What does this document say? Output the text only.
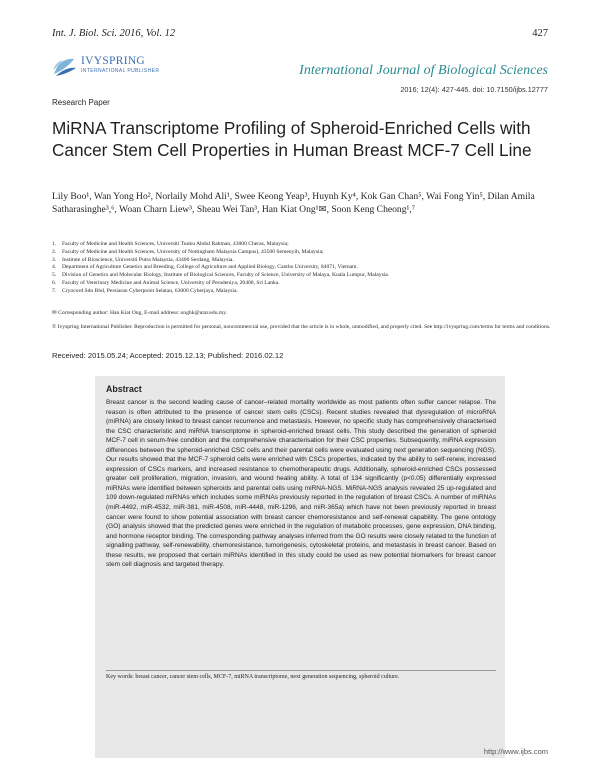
Int. J. Biol. Sci. 2016, Vol. 12	427
IVYSPRING
INTERNATIONAL PUBLISHER	International Journal of Biological Sciences
2016; 12(4): 427-445. doi: 10.7150/ijbs.12777
Research Paper
MiRNA Transcriptome Profiling of Spheroid-Enriched Cells with Cancer Stem Cell Properties in Human Breast MCF-7 Cell Line
Lily Boo¹, Wan Yong Ho², Norlaily Mohd Ali¹, Swee Keong Yeap³, Huynh Ky⁴, Kok Gan Chan⁵, Wai Fong Yin⁵, Dilan Amila Satharasinghe³,⁶, Woan Charn Liew³, Sheau Wei Tan³, Han Kiat Ong¹✉, Soon Keng Cheong¹,⁷
1.	Faculty of Medicine and Health Sciences, Universiti Tunku Abdul Rahman, 43000 Cheras, Malaysia;
2.	Faculty of Medicine and Health Sciences, University of Nottingham Malaysia Campus), 43500 Semenyih, Malaysia;
3.	Institute of Bioscience, Universiti Putra Malaysia, 43400 Serdang, Malaysia.
4.	Department of Agriculture Genetics and Breeding, College of Agriculture and Applied Biology, Cantho University, 84071, Vietnam.
5.	Division of Genetics and Molecular Biology, Institute of Biological Sciences, Faculty of Science, University of Malaya, Kuala Lumpur, Malaysia.
6.	Faculty of Veterinary Medicine and Animal Science, University of Peradeniya, 20400, Sri Lanka.
7.	Cryocord Sdn Bhd, Persiaran Cyberpoint Selatan, 63000 Cyberjaya, Malaysia.
✉ Corresponding author: Han Kiat Ong, E-mail address: onghk@utar.edu.my.
© Ivyspring International Publisher. Reproduction is permitted for personal, noncommercial use, provided that the article is in whole, unmodified, and properly cited. See http://ivyspring.com/terms for terms and conditions.
Received: 2015.05.24; Accepted: 2015.12.13; Published: 2016.02.12
Abstract

Breast cancer is the second leading cause of cancer–related mortality worldwide as most patients often suffer cancer relapse. The reason is often attributed to the presence of cancer stem cells (CSCs). Recent studies revealed that dysregulation of microRNA (miRNA) are closely linked to breast cancer recurrence and metastasis. However, no specific study has comprehensively characterised the CSC characteristic and miRNA transcriptome in spheroid-enriched breast cells. This study described the generation of spheroid MCF-7 cell in serum-free condition and the comprehensive characterisation for their CSC properties. Subsequently, miRNA expression differences between the spheroid-enriched CSC cells and their parental cells were evaluated using next generation sequencing (NGS). Our results showed that the MCF-7 spheroid cells were enriched with CSCs properties, indicated by the ability to self-renew, increased expression of CSCs markers, and increased resistance to chemotherapeutic drugs. Additionally, spheroid-enriched CSCs possessed greater cell proliferation, migration, invasion, and wound healing ability. A total of 134 significantly (p<0.05) differentially expressed miRNAs were identified between spheroids and parental cells using miRNA-NGS. MiRNA-NGS analysis revealed 25 up-regulated and 109 down-regulated miRNAs which includes some miRNAs previously reported in the regulation of breast CSCs. A number of miRNAs (miR-4492, miR-4532, miR-381, miR-4508, miR-4448, miR-1296, and miR-365a) which have not been previously reported in breast cancer were found to show potential association with breast cancer chemoresistance and self-renewal capability. The gene ontology (GO) analysis showed that the predicted genes were enriched in the regulation of metabolic processes, gene expression, DNA binding, and hormone receptor binding. The corresponding pathway analyses inferred from the GO results were closely related to the function of signalling pathway, self-renewability, chemoresistance, tumorigenesis, cytoskeletal proteins, and metastasis in breast cancer. Based on these results, we proposed that certain miRNAs identified in this study could be used as new potential biomarkers for breast cancer stem cell diagnosis and targeted therapy.

Key words: breast cancer, cancer stem cells, MCF-7, miRNA transcriptome, next generation sequencing, spheroid culture.

http://www.ijbs.com
